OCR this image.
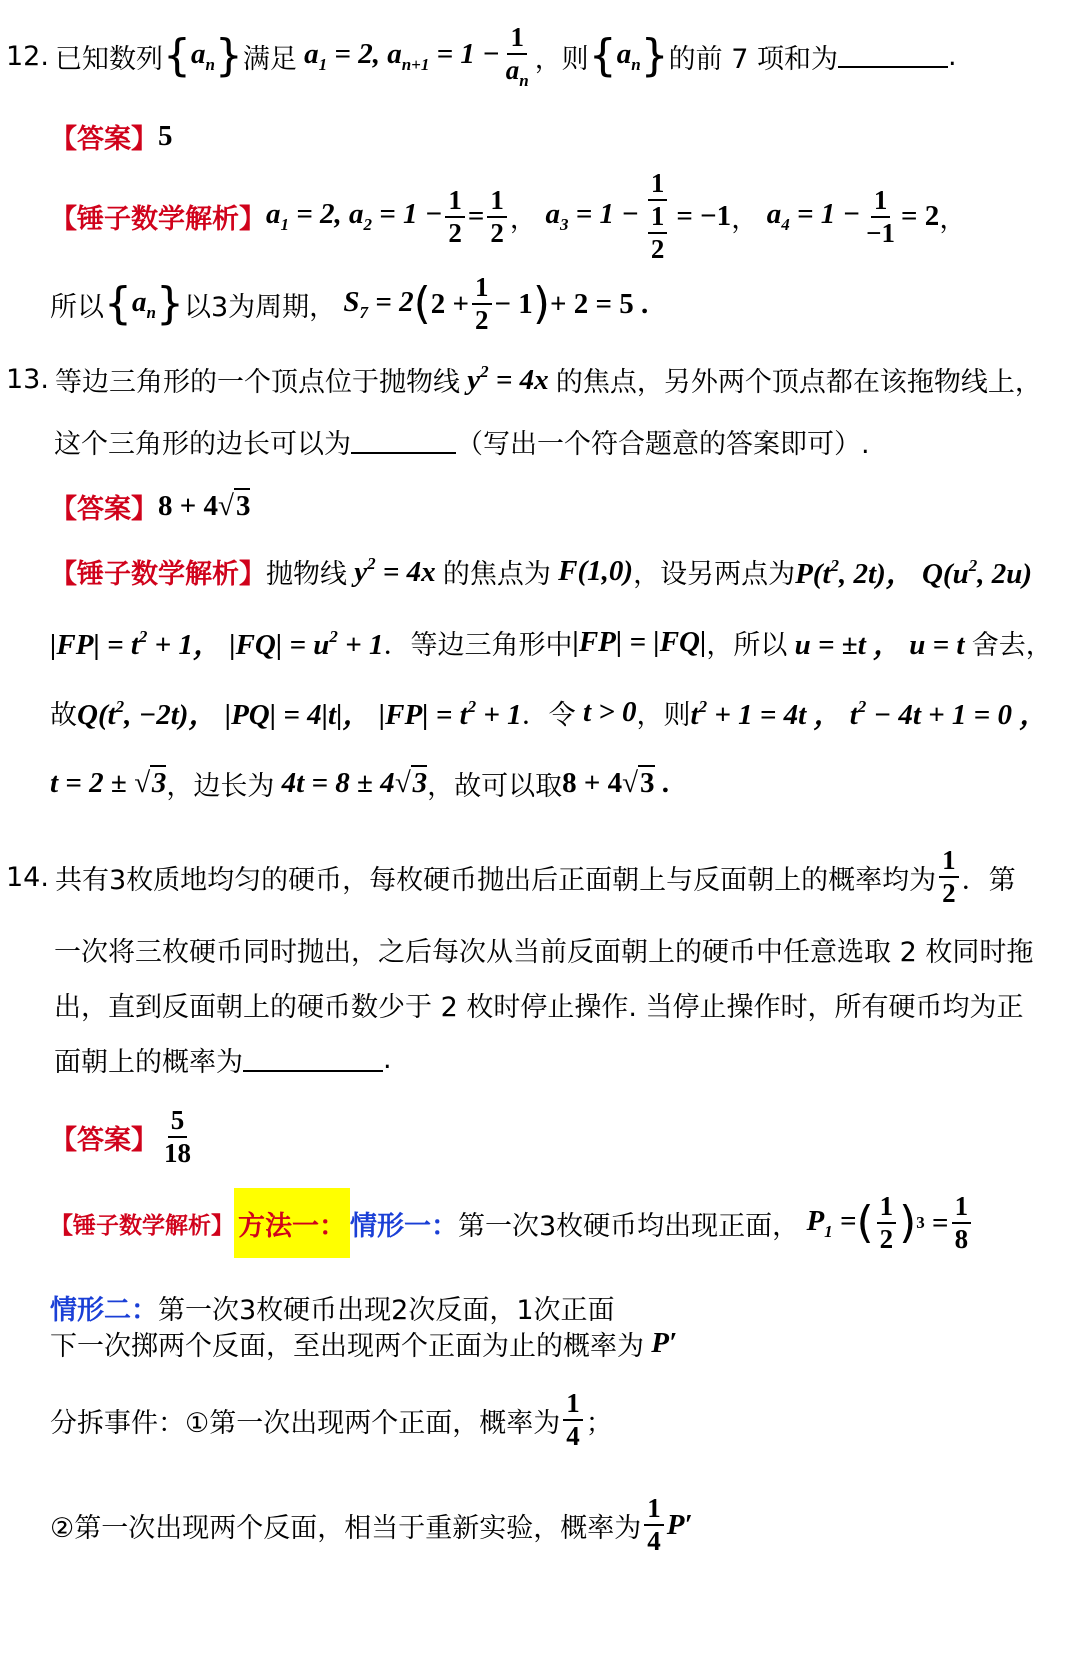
12. 已知数列 { $a_n$ } 满足 $a_1 = 2$, $a_{n+1} = 1 - \frac{1}{a_n}$ ，则 { $a_n$ } 的前 7 项和为	.
【答案】 5
【锤子数学解析】 $a_1 = 2$, $a_2 = 1 - \frac{1}{2} = \frac{1}{2}$ ， $a_3 = 1 - \frac{1}{\frac{1}{2}} = -1$ ， $a_4 = 1 - \frac{1}{-1} = 2$ ，
所以 { $a_n$ } 以3为周期， $S_7 = 2$ ( $2 + \frac{1}{2} - 1$ ) + 2 = 5 .
13. 等边三角形的一个顶点位于抛物线 $y^2 = 4x$ 的焦点，另外两个顶点都在该拖物线上，
这个三角形的边长可以为	（写出一个符合题意的答案即可）.
【答案】 8 + 4√3
【锤子数学解析】 抛物线 $y^2 = 4x$ 的焦点为 F(1,0) ，设另两点为 $P(t^2$, 2t)， $Q(u^2$, 2u)
$|FP| = t^2 + 1$， $|FQ| = u^2 + 1$ ．等边三角形中 |FP| = |FQ| ，所以 u = ±t ， u = t 舍去，
故 $Q(t^2$, −2t)， |PQ| = 4|t|， $|FP| = t^2 + 1$ ．令 t > 0 ，则 $t^2 + 1 = 4t$ ， $t^2 - 4t + 1 = 0$ ，
t = 2 ± √3 ，边长为 4t = 8 ± 4√3 ，故可以取 8 + 4√3 .
14. 共有3枚质地均匀的硬币，每枚硬币抛出后正面朝上与反面朝上的概率均为 $\frac{1}{2}$ ．第
一次将三枚硬币同时抛出，之后每次从当前反面朝上的硬币中任意选取 2 枚同时拖
出，直到反面朝上的硬币数少于 2 枚时停止操作. 当停止操作时，所有硬币均为正
面朝上的概率为	.
【答案】 $\frac{5}{18}$
【锤子数学解析】 方法一： 情形一： 第一次3枚硬币均出现正面， $P_1$ = ( $\frac{1}{2}$ ) $3 = \frac{1}{8}$
情形二： 第一次3枚硬币出现2次反面，1次正面
下一次掷两个反面，至出现两个正面为止的概率为 P′
分拆事件：①第一次出现两个正面，概率为 $\frac{1}{4}$ ；
②第一次出现两个反面，相当于重新实验，概率为 $\frac{1}{4} P'$
